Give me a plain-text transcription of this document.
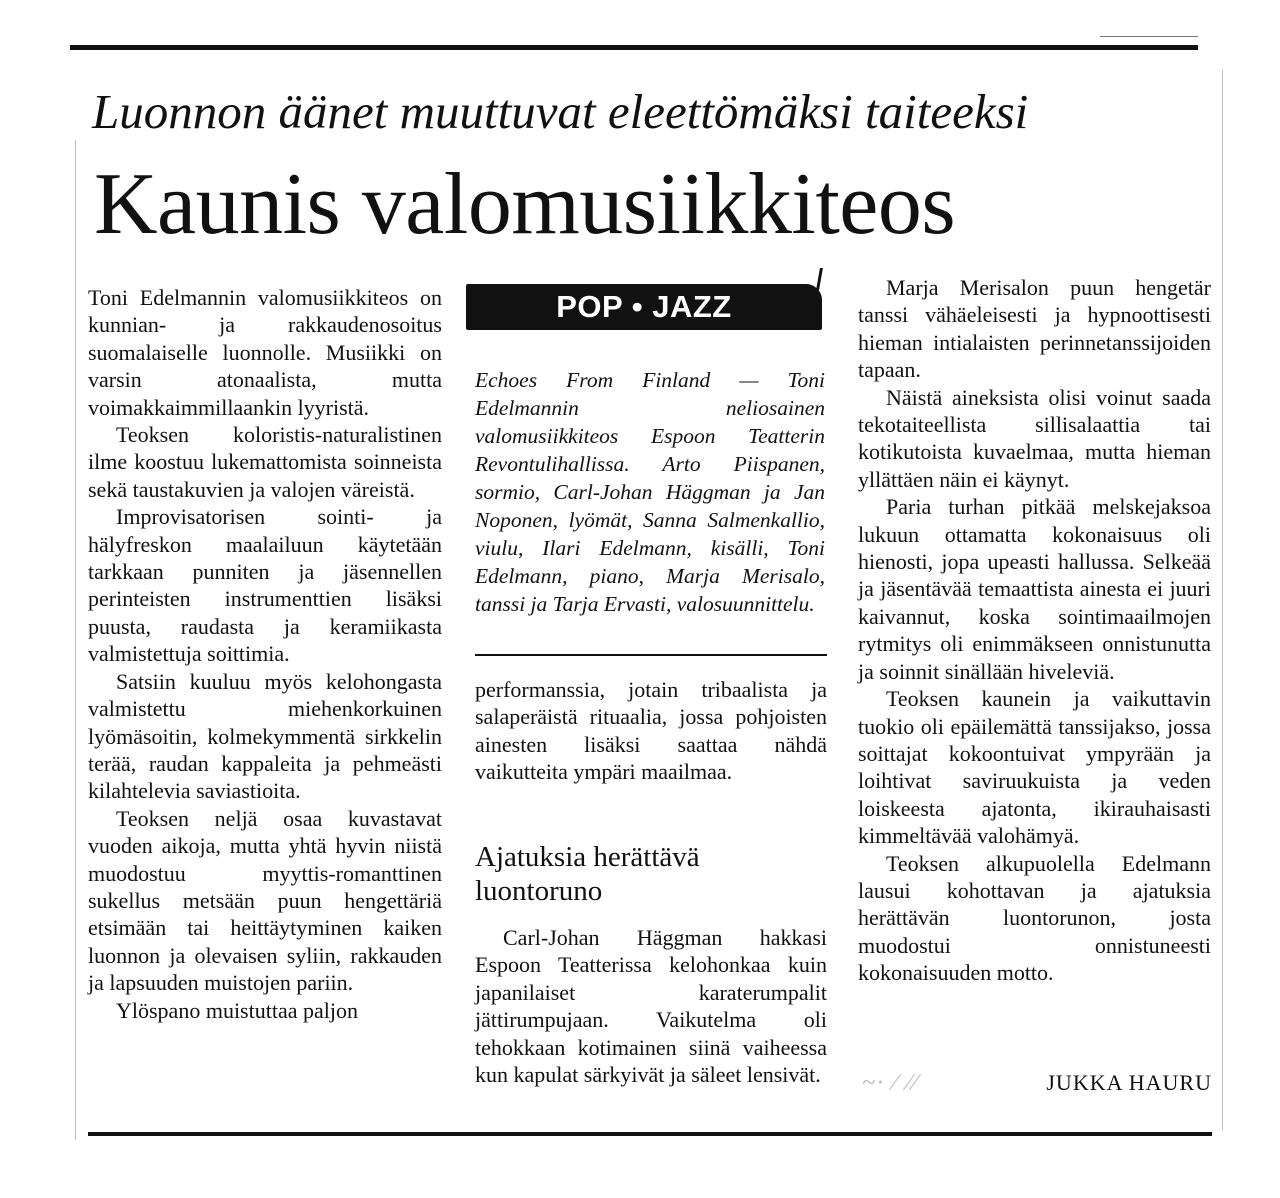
Luonnon äänet muuttuvat eleettömäksi taiteeksi
Kaunis valomusiikkiteos

Toni Edelmannin valomusiikkiteos on kunnian- ja rakkaudenosoitus suomalaiselle luonnolle. Musiikki on varsin atonaalista, mutta voimakkaimmillaankin lyyristä.

Teoksen koloristis-naturalistinen ilme koostuu lukemattomista soinneista sekä taustakuvien ja valojen väreistä.

Improvisatorisen sointi- ja hälyfreskon maalailuun käytetään tarkkaan punniten ja jäsennellen perinteisten instrumenttien lisäksi puusta, raudasta ja keramiikasta valmistettuja soittimia.

Satsiin kuuluu myös kelohongasta valmistettu miehenkorkuinen lyömäsoitin, kolmekymmentä sirkkelin terää, raudan kappaleita ja pehmeästi kilahtelevia saviastioita.

Teoksen neljä osaa kuvastavat vuoden aikoja, mutta yhtä hyvin niistä muodostuu myyttis-romanttinen sukellus metsään puun hengettäriä etsimään tai heittäytyminen kaiken luonnon ja olevaisen syliin, rakkauden ja lapsuuden muistojen pariin.

Ylöspano muistuttaa paljon

POP • JAZZ
Echoes From Finland — Toni Edelmannin neliosainen valomusiikkiteos Espoon Teatterin Revontulihallissa. Arto Piispanen, sormio, Carl-Johan Häggman ja Jan Noponen, lyömät, Sanna Salmenkallio, viulu, Ilari Edelmann, kisälli, Toni Edelmann, piano, Marja Merisalo, tanssi ja Tarja Ervasti, valosuunnittelu.

performanssia, jotain tribaalista ja salaperäistä rituaalia, jossa pohjoisten ainesten lisäksi saattaa nähdä vaikutteita ympäri maailmaa.

Ajatuksia herättävä luontoruno

Carl-Johan Häggman hakkasi Espoon Teatterissa kelohonkaa kuin japanilaiset karaterumpalit jättirumpujaan. Vaikutelma oli tehokkaan kotimainen siinä vaiheessa kun kapulat särkyivät ja säleet lensivät.

Marja Merisalon puun hengetär tanssi vähäeleisesti ja hypnoottisesti hieman intialaisten perinnetanssijoiden tapaan.

Näistä aineksista olisi voinut saada tekotaiteellista sillisalaattia tai kotikutoista kuvaelmaa, mutta hieman yllättäen näin ei käynyt.

Paria turhan pitkää melskejaksoa lukuun ottamatta kokonaisuus oli hienosti, jopa upeasti hallussa. Selkeää ja jäsentävää temaattista ainesta ei juuri kaivannut, koska sointimaailmojen rytmitys oli enimmäkseen onnistunutta ja soinnit sinällään hiveleviä.

Teoksen kaunein ja vaikuttavin tuokio oli epäilemättä tanssijakso, jossa soittajat kokoontuivat ympyrään ja loihtivat saviruukuista ja veden loiskeesta ajatonta, ikirauhaisasti kimmeltävää valohämyä.

Teoksen alkupuolella Edelmann lausui kohottavan ja ajatuksia herättävän luontorunon, josta muodostui onnistuneesti kokonaisuuden motto.

~∙ ∕ ∕∕	JUKKA HAURU
